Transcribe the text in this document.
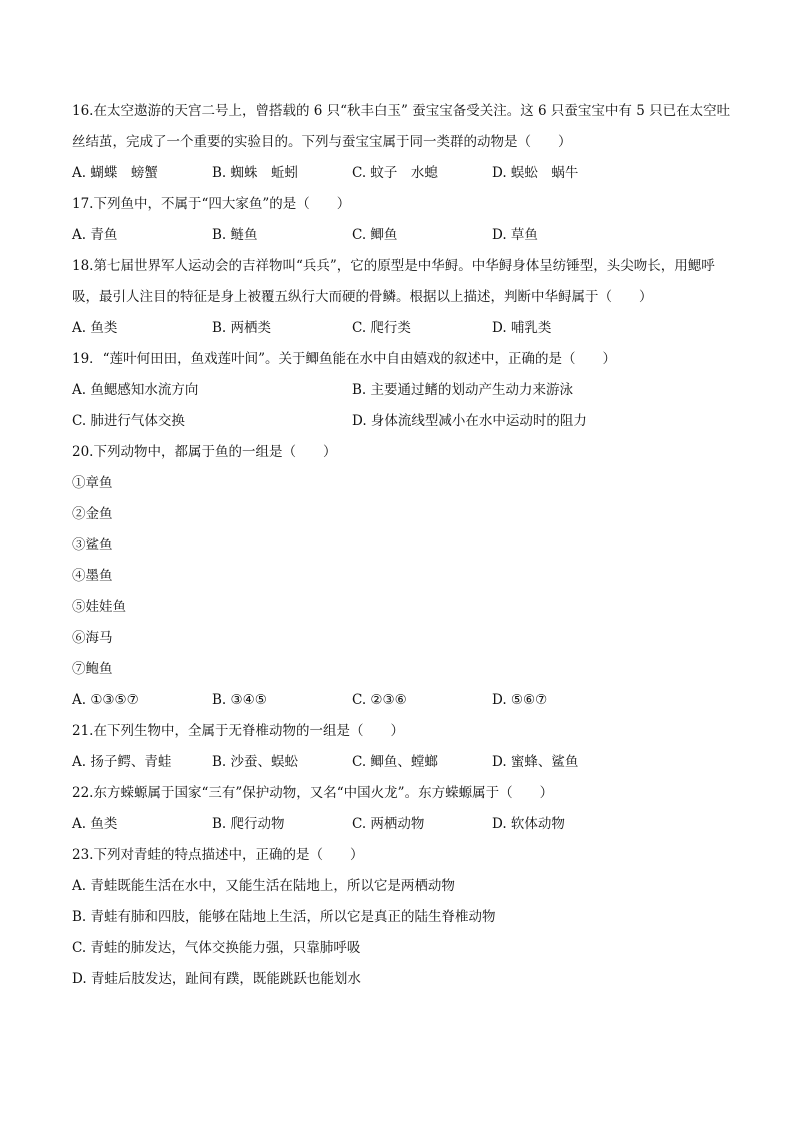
16.在太空遨游的天宫二号上，曾搭载的 6 只“秋丰白玉” 蚕宝宝备受关注。这 6 只蚕宝宝中有 5 只已在太空吐丝结茧，完成了一个重要的实验目的。下列与蚕宝宝属于同一类群的动物是（　　）
A. 蝴蝶　螃蟹	B. 蜘蛛　蚯蚓	C. 蚊子　水螅	D. 蜈蚣　蜗牛
17.下列鱼中，不属于“四大家鱼”的是（　　）
A. 青鱼	B. 鲢鱼	C. 鲫鱼	D. 草鱼
18.第七届世界军人运动会的吉祥物叫“兵兵”，它的原型是中华鲟。中华鲟身体呈纺锤型，头尖吻长，用鳃呼吸，最引人注目的特征是身上被覆五纵行大而硬的骨鳞。根据以上描述，判断中华鲟属于（　　）
A. 鱼类	B. 两栖类	C. 爬行类	D. 哺乳类
19．“莲叶何田田，鱼戏莲叶间”。关于鲫鱼能在水中自由嬉戏的叙述中，正确的是（　　）
A. 鱼鳃感知水流方向	B. 主要通过鳍的划动产生动力来游泳
C. 肺进行气体交换	D. 身体流线型减小在水中运动时的阻力
20.下列动物中，都属于鱼的一组是（　　）
①章鱼
②金鱼
③鲨鱼
④墨鱼
⑤娃娃鱼
⑥海马
⑦鲍鱼
A. ①③⑤⑦	B. ③④⑤	C. ②③⑥	D. ⑤⑥⑦
21.在下列生物中，全属于无脊椎动物的一组是（　　）
A. 扬子鳄、青蛙	B. 沙蚕、蜈蚣	C. 鲫鱼、螳螂	D. 蜜蜂、鲨鱼
22.东方蝾螈属于国家“三有”保护动物，又名“中国火龙”。东方蝾螈属于（　　）
A. 鱼类	B. 爬行动物	C. 两栖动物	D. 软体动物
23.下列对青蛙的特点描述中，正确的是（　　）
A. 青蛙既能生活在水中，又能生活在陆地上，所以它是两栖动物
B. 青蛙有肺和四肢，能够在陆地上生活，所以它是真正的陆生脊椎动物
C. 青蛙的肺发达，气体交换能力强，只靠肺呼吸
D. 青蛙后肢发达，趾间有蹼，既能跳跃也能划水
